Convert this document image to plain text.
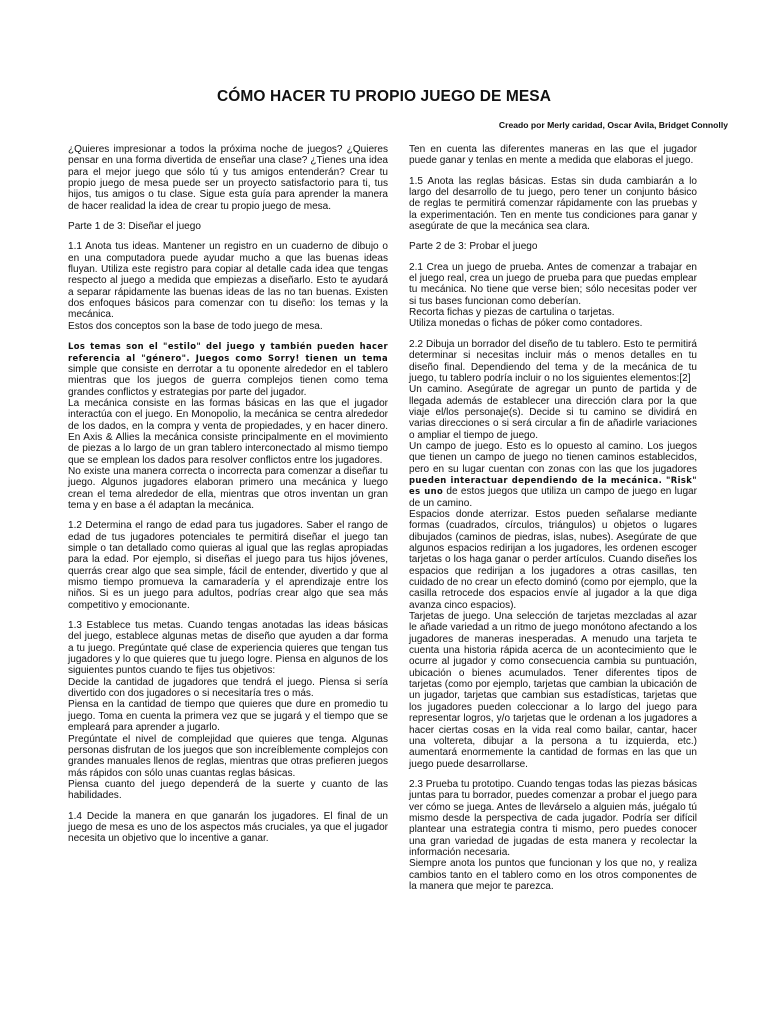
CÓMO HACER TU PROPIO JUEGO DE MESA
Creado por Merly caridad, Oscar Avila, Bridget Connolly

¿Quieres impresionar a todos la próxima noche de juegos? ¿Quieres pensar en una forma divertida de enseñar una clase? ¿Tienes una idea para el mejor juego que sólo tú y tus amigos entenderán? Crear tu propio juego de mesa puede ser un proyecto satisfactorio para ti, tus hijos, tus amigos o tu clase. Sigue esta guía para aprender la manera de hacer realidad la idea de crear tu propio juego de mesa.

Parte 1 de 3: Diseñar el juego

1.1 Anota tus ideas. Mantener un registro en un cuaderno de dibujo o en una computadora puede ayudar mucho a que las buenas ideas fluyan. Utiliza este registro para copiar al detalle cada idea que tengas respecto al juego a medida que empiezas a diseñarlo. Esto te ayudará a separar rápidamente las buenas ideas de las no tan buenas. Existen dos enfoques básicos para comenzar con tu diseño: los temas y la mecánica.
Estos dos conceptos son la base de todo juego de mesa.

Los temas son el "estilo" del juego y también pueden hacer referencia al "género". Juegos como Sorry! tienen un tema simple que consiste en derrotar a tu oponente alrededor en el tablero mientras que los juegos de guerra complejos tienen como tema grandes conflictos y estrategias por parte del jugador.

La mecánica consiste en las formas básicas en las que el jugador interactúa con el juego. En Monopolio, la mecánica se centra alrededor de los dados, en la compra y venta de propiedades, y en hacer dinero. En Axis & Allies la mecánica consiste principalmente en el movimiento de piezas a lo largo de un gran tablero interconectado al mismo tiempo que se emplean los dados para resolver conflictos entre los jugadores.

No existe una manera correcta o incorrecta para comenzar a diseñar tu juego. Algunos jugadores elaboran primero una mecánica y luego crean el tema alrededor de ella, mientras que otros inventan un gran tema y en base a él adaptan la mecánica.

1.2 Determina el rango de edad para tus jugadores. Saber el rango de edad de tus jugadores potenciales te permitirá diseñar el juego tan simple o tan detallado como quieras al igual que las reglas apropiadas para la edad. Por ejemplo, si diseñas el juego para tus hijos jóvenes, querrás crear algo que sea simple, fácil de entender, divertido y que al mismo tiempo promueva la camaradería y el aprendizaje entre los niños. Si es un juego para adultos, podrías crear algo que sea más competitivo y emocionante.

1.3 Establece tus metas. Cuando tengas anotadas las ideas básicas del juego, establece algunas metas de diseño que ayuden a dar forma a tu juego. Pregúntate qué clase de experiencia quieres que tengan tus jugadores y lo que quieres que tu juego logre. Piensa en algunos de los siguientes puntos cuando te fijes tus objetivos:

Decide la cantidad de jugadores que tendrá el juego. Piensa si sería divertido con dos jugadores o si necesitaría tres o más.

Piensa en la cantidad de tiempo que quieres que dure en promedio tu juego. Toma en cuenta la primera vez que se jugará y el tiempo que se empleará para aprender a jugarlo.

Pregúntate el nivel de complejidad que quieres que tenga. Algunas personas disfrutan de los juegos que son increíblemente complejos con grandes manuales llenos de reglas, mientras que otras prefieren juegos más rápidos con sólo unas cuantas reglas básicas.

Piensa cuanto del juego dependerá de la suerte y cuanto de las habilidades.

1.4 Decide la manera en que ganarán los jugadores. El final de un juego de mesa es uno de los aspectos más cruciales, ya que el jugador necesita un objetivo que lo incentive a ganar.

Ten en cuenta las diferentes maneras en las que el jugador puede ganar y tenlas en mente a medida que elaboras el juego.

1.5 Anota las reglas básicas. Estas sin duda cambiarán a lo largo del desarrollo de tu juego, pero tener un conjunto básico de reglas te permitirá comenzar rápidamente con las pruebas y la experimentación. Ten en mente tus condiciones para ganar y asegúrate de que la mecánica sea clara.

Parte 2 de 3: Probar el juego

2.1 Crea un juego de prueba. Antes de comenzar a trabajar en el juego real, crea un juego de prueba para que puedas emplear tu mecánica. No tiene que verse bien; sólo necesitas poder ver si tus bases funcionan como deberían.

Recorta fichas y piezas de cartulina o tarjetas.

Utiliza monedas o fichas de póker como contadores.

2.2 Dibuja un borrador del diseño de tu tablero. Esto te permitirá determinar si necesitas incluir más o menos detalles en tu diseño final. Dependiendo del tema y de la mecánica de tu juego, tu tablero podría incluir o no los siguientes elementos:[2]

Un camino. Asegúrate de agregar un punto de partida y de llegada además de establecer una dirección clara por la que viaje el/los personaje(s). Decide si tu camino se dividirá en varias direcciones o si será circular a fin de añadirle variaciones o ampliar el tiempo de juego.

Un campo de juego. Esto es lo opuesto al camino. Los juegos que tienen un campo de juego no tienen caminos establecidos, pero en su lugar cuentan con zonas con las que los jugadores pueden interactuar dependiendo de la mecánica. "Risk" es uno de estos juegos que utiliza un campo de juego en lugar de un camino.

Espacios donde aterrizar. Estos pueden señalarse mediante formas (cuadrados, círculos, triángulos) u objetos o lugares dibujados (caminos de piedras, islas, nubes). Asegúrate de que algunos espacios redirijan a los jugadores, les ordenen escoger tarjetas o los haga ganar o perder artículos. Cuando diseñes los espacios que redirijan a los jugadores a otras casillas, ten cuidado de no crear un efecto dominó (como por ejemplo, que la casilla retrocede dos espacios envíe al jugador a la que diga avanza cinco espacios).

Tarjetas de juego. Una selección de tarjetas mezcladas al azar le añade variedad a un ritmo de juego monótono afectando a los jugadores de maneras inesperadas. A menudo una tarjeta te cuenta una historia rápida acerca de un acontecimiento que le ocurre al jugador y como consecuencia cambia su puntuación, ubicación o bienes acumulados. Tener diferentes tipos de tarjetas (como por ejemplo, tarjetas que cambian la ubicación de un jugador, tarjetas que cambian sus estadísticas, tarjetas que los jugadores pueden coleccionar a lo largo del juego para representar logros, y/o tarjetas que le ordenan a los jugadores a hacer ciertas cosas en la vida real como bailar, cantar, hacer una voltereta, dibujar a la persona a tu izquierda, etc.) aumentará enormemente la cantidad de formas en las que un juego puede desarrollarse.

2.3 Prueba tu prototipo. Cuando tengas todas las piezas básicas juntas para tu borrador, puedes comenzar a probar el juego para ver cómo se juega. Antes de llevárselo a alguien más, juégalo tú mismo desde la perspectiva de cada jugador. Podría ser difícil plantear una estrategia contra ti mismo, pero puedes conocer una gran variedad de jugadas de esta manera y recolectar la información necesaria.

Siempre anota los puntos que funcionan y los que no, y realiza cambios tanto en el tablero como en los otros componentes de la manera que mejor te parezca.
